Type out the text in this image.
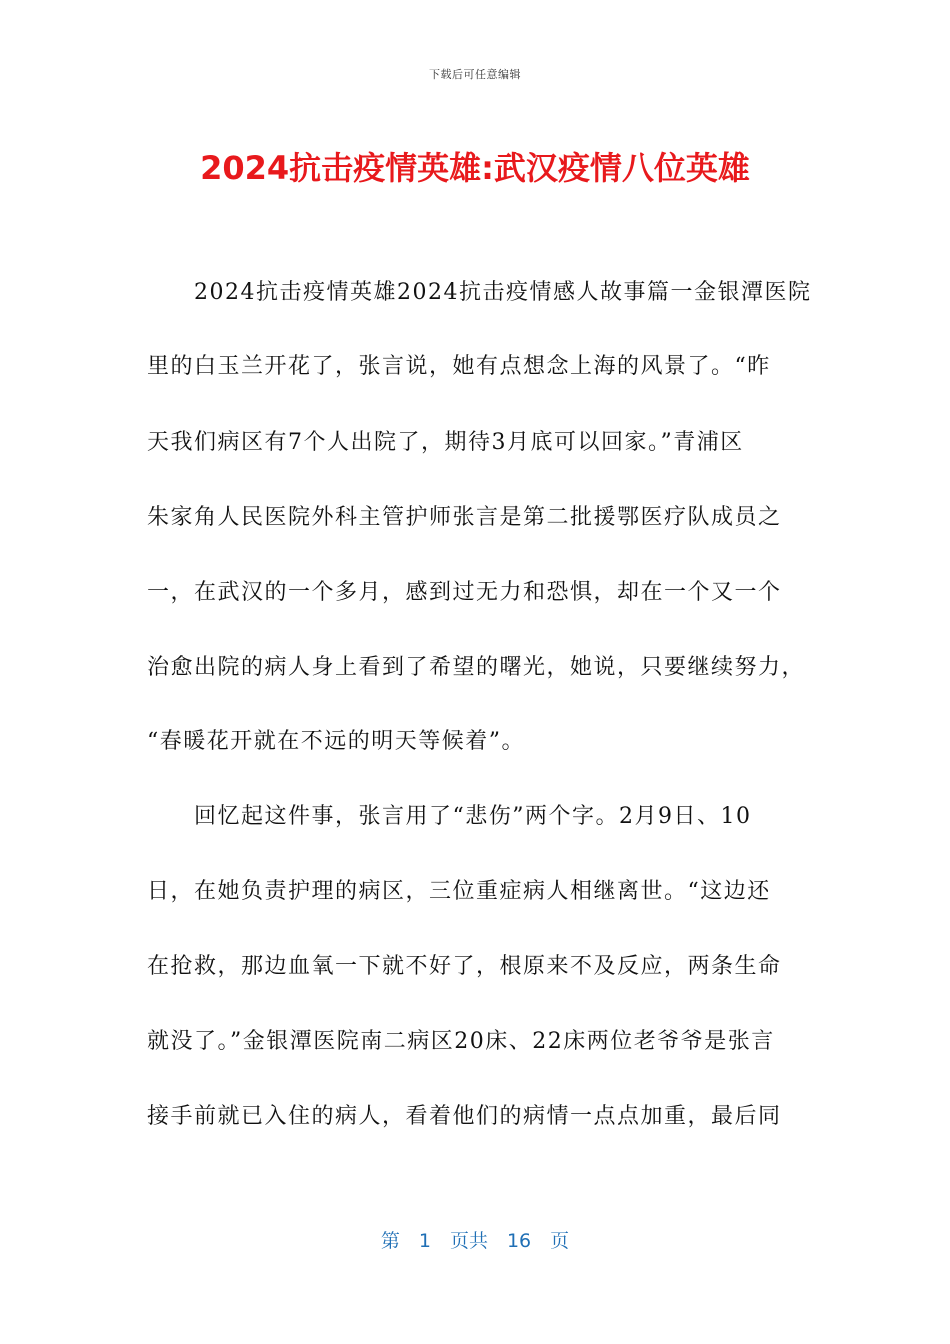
下载后可任意编辑
2024抗击疫情英雄:武汉疫情八位英雄
　　2024抗击疫情英雄2024抗击疫情感人故事篇一金银潭医院
里的白玉兰开花了，张言说，她有点想念上海的风景了。“昨
天我们病区有7个人出院了，期待3月底可以回家。”青浦区
朱家角人民医院外科主管护师张言是第二批援鄂医疗队成员之
一，在武汉的一个多月，感到过无力和恐惧，却在一个又一个
治愈出院的病人身上看到了希望的曙光，她说，只要继续努力，
“春暖花开就在不远的明天等候着”。
　　回忆起这件事，张言用了“悲伤”两个字。2月9日、10
日，在她负责护理的病区，三位重症病人相继离世。“这边还
在抢救，那边血氧一下就不好了，根原来不及反应，两条生命
就没了。”金银潭医院南二病区20床、22床两位老爷爷是张言
接手前就已入住的病人，看着他们的病情一点点加重，最后同
第　1　页共　16　页
